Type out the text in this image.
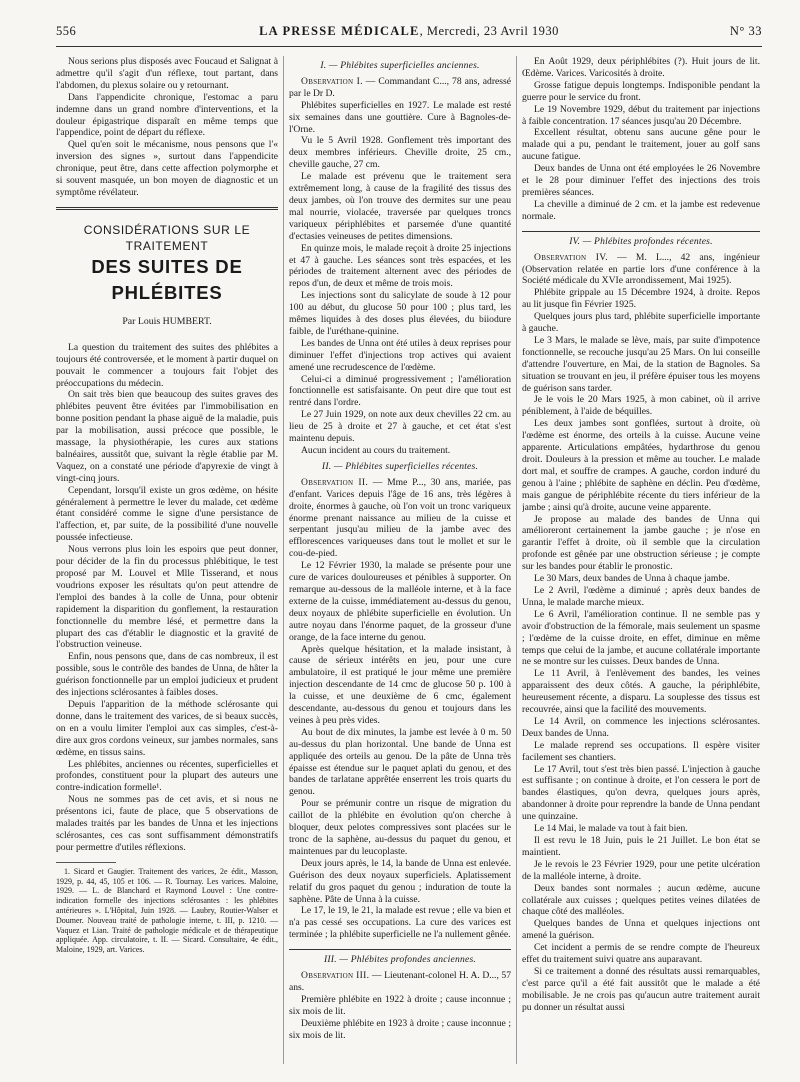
556	LA PRESSE MÉDICALE, Mercredi, 23 Avril 1930	N° 33

Nous serions plus disposés avec Foucaud et Salignat à admettre qu'il s'agit d'un réflexe, tout partant, dans l'abdomen, du plexus solaire ou y retournant.

Dans l'appendicite chronique, l'estomac a paru indemne dans un grand nombre d'interventions, et la douleur épigastrique disparaît en même temps que l'appendice, point de départ du réflexe.

Quel qu'en soit le mécanisme, nous pensons que l'« inversion des signes », surtout dans l'appendicite chronique, peut être, dans cette affection polymorphe et si souvent masquée, un bon moyen de diagnostic et un symptôme révélateur.

CONSIDÉRATIONS SUR LE TRAITEMENT
DES SUITES DE PHLÉBITES

Par Louis HUMBERT.

La question du traitement des suites des phlébites a toujours été controversée, et le moment à partir duquel on pouvait le commencer a toujours fait l'objet des préoccupations du médecin.

On sait très bien que beaucoup des suites graves des phlébites peuvent être évitées par l'immobilisation en bonne position pendant la phase aiguë de la maladie, puis par la mobilisation, aussi précoce que possible, le massage, la physiothérapie, les cures aux stations balnéaires, aussitôt que, suivant la règle établie par M. Vaquez, on a constaté une période d'apyrexie de vingt à vingt-cinq jours.

Cependant, lorsqu'il existe un gros œdème, on hésite généralement à permettre le lever du malade, cet œdème étant considéré comme le signe d'une persistance de l'affection, et, par suite, de la possibilité d'une nouvelle poussée infectieuse.

Nous verrons plus loin les espoirs que peut donner, pour décider de la fin du processus phlébitique, le test proposé par M. Louvel et Mlle Tisserand, et nous voudrions exposer les résultats qu'on peut attendre de l'emploi des bandes à la colle de Unna, pour obtenir rapidement la disparition du gonflement, la restauration fonctionnelle du membre lésé, et permettre dans la plupart des cas d'établir le diagnostic et la gravité de l'obstruction veineuse.

Enfin, nous pensons que, dans de cas nombreux, il est possible, sous le contrôle des bandes de Unna, de hâter la guérison fonctionnelle par un emploi judicieux et prudent des injections sclérosantes à faibles doses.

Depuis l'apparition de la méthode sclérosante qui donne, dans le traitement des varices, de si beaux succès, on en a voulu limiter l'emploi aux cas simples, c'est-à-dire aux gros cordons veineux, sur jambes normales, sans œdème, en tissus sains.

Les phlébites, anciennes ou récentes, superficielles et profondes, constituent pour la plupart des auteurs une contre-indication formelle¹.

Nous ne sommes pas de cet avis, et si nous ne présentons ici, faute de place, que 5 observations de malades traités par les bandes de Unna et les injections sclérosantes, ces cas sont suffisamment démonstratifs pour permettre d'utiles réflexions.

1. Sicard et Gaugier. Traitement des varices, 2e édit., Masson, 1929, p. 44, 45, 105 et 106. — R. Tournay. Les varices. Maloine, 1929. — L. de Blanchard et Raymond Louvel : Une contre-indication formelle des injections sclérosantes : les phlébites antérieures ». L'Hôpital, Juin 1928. — Laubry, Routier-Walser et Doumer. Nouveau traité de pathologie interne, t. III, p. 1210. — Vaquez et Lian. Traité de pathologie médicale et de thérapeutique appliquée. App. circulatoire, t. II. — Sicard. Consultaire, 4e édit., Maloine, 1929, art. Varices.

I. — Phlébites superficielles anciennes.

Observation I. — Commandant C..., 78 ans, adressé par le Dr D.

Phlébites superficielles en 1927. Le malade est resté six semaines dans une gouttière. Cure à Bagnoles-de-l'Orne.

Vu le 5 Avril 1928. Gonflement très important des deux membres inférieurs. Cheville droite, 25 cm., cheville gauche, 27 cm.

Le malade est prévenu que le traitement sera extrêmement long, à cause de la fragilité des tissus des deux jambes, où l'on trouve des dermites sur une peau mal nourrie, violacée, traversée par quelques troncs variqueux périphlébites et parsemée d'une quantité d'ectasies veineuses de petites dimensions.

En quinze mois, le malade reçoit à droite 25 injections et 47 à gauche. Les séances sont très espacées, et les périodes de traitement alternent avec des périodes de repos d'un, de deux et même de trois mois.

Les injections sont du salicylate de soude à 12 pour 100 au début, du glucose 50 pour 100 ; plus tard, les mêmes liquides à des doses plus élevées, du biiodure faible, de l'uréthane-quinine.

Les bandes de Unna ont été utiles à deux reprises pour diminuer l'effet d'injections trop actives qui avaient amené une recrudescence de l'œdème.

Celui-ci a diminué progressivement ; l'amélioration fonctionnelle est satisfaisante. On peut dire que tout est rentré dans l'ordre.

Le 27 Juin 1929, on note aux deux chevilles 22 cm. au lieu de 25 à droite et 27 à gauche, et cet état s'est maintenu depuis.

Aucun incident au cours du traitement.

II. — Phlébites superficielles récentes.

Observation II. — Mme P..., 30 ans, mariée, pas d'enfant. Varices depuis l'âge de 16 ans, très légères à droite, énormes à gauche, où l'on voit un tronc variqueux énorme prenant naissance au milieu de la cuisse et serpentant jusqu'au milieu de la jambe avec des efflorescences variqueuses dans tout le mollet et sur le cou-de-pied.

Le 12 Février 1930, la malade se présente pour une cure de varices douloureuses et pénibles à supporter. On remarque au-dessous de la malléole interne, et à la face externe de la cuisse, immédiatement au-dessus du genou, deux noyaux de phlébite superficielle en évolution. Un autre noyau dans l'énorme paquet, de la grosseur d'une orange, de la face interne du genou.

Après quelque hésitation, et la malade insistant, à cause de sérieux intérêts en jeu, pour une cure ambulatoire, il est pratiqué le jour même une première injection descendante de 14 cmc de glucose 50 p. 100 à la cuisse, et une deuxième de 6 cmc, également descendante, au-dessous du genou et toujours dans les veines à peu près vides.

Au bout de dix minutes, la jambe est levée à 0 m. 50 au-dessus du plan horizontal. Une bande de Unna est appliquée des orteils au genou. De la pâte de Unna très épaisse est étendue sur le paquet aplati du genou, et des bandes de tarlatane apprêtée enserrent les trois quarts du genou.

Pour se prémunir contre un risque de migration du caillot de la phlébite en évolution qu'on cherche à bloquer, deux pelotes compressives sont placées sur le tronc de la saphène, au-dessus du paquet du genou, et maintenues par du leucoplaste.

Deux jours après, le 14, la bande de Unna est enlevée. Guérison des deux noyaux superficiels. Aplatissement relatif du gros paquet du genou ; induration de toute la saphène. Pâte de Unna à la cuisse.

Le 17, le 19, le 21, la malade est revue ; elle va bien et n'a pas cessé ses occupations. La cure des varices est terminée ; la phlébite superficielle ne l'a nullement gênée.

III. — Phlébites profondes anciennes.

Observation III. — Lieutenant-colonel H. A. D..., 57 ans.

Première phlébite en 1922 à droite ; cause inconnue ; six mois de lit.

Deuxième phlébite en 1923 à droite ; cause inconnue ; six mois de lit.

En Août 1929, deux périphlébites (?). Huit jours de lit. Œdème. Varices. Varicosités à droite.

Grosse fatigue depuis longtemps. Indisponible pendant la guerre pour le service du front.

Le 19 Novembre 1929, début du traitement par injections à faible concentration. 17 séances jusqu'au 20 Décembre.

Excellent résultat, obtenu sans aucune gêne pour le malade qui a pu, pendant le traitement, jouer au golf sans aucune fatigue.

Deux bandes de Unna ont été employées le 26 Novembre et le 28 pour diminuer l'effet des injections des trois premières séances.

La cheville a diminué de 2 cm. et la jambe est redevenue normale.

IV. — Phlébites profondes récentes.

Observation IV. — M. L..., 42 ans, ingénieur (Observation relatée en partie lors d'une conférence à la Société médicale du XVIe arrondissement, Mai 1925).

Phlébite grippale au 15 Décembre 1924, à droite. Repos au lit jusque fin Février 1925.

Quelques jours plus tard, phlébite superficielle importante à gauche.

Le 3 Mars, le malade se lève, mais, par suite d'impotence fonctionnelle, se recouche jusqu'au 25 Mars. On lui conseille d'attendre l'ouverture, en Mai, de la station de Bagnoles. Sa situation se trouvant en jeu, il préfère épuiser tous les moyens de guérison sans tarder.

Je le vois le 20 Mars 1925, à mon cabinet, où il arrive péniblement, à l'aide de béquilles.

Les deux jambes sont gonflées, surtout à droite, où l'œdème est énorme, des orteils à la cuisse. Aucune veine apparente. Articulations empâtées, hydarthrose du genou droit. Douleurs à la pression et même au toucher. Le malade dort mal, et souffre de crampes. A gauche, cordon induré du genou à l'aine ; phlébite de saphène en déclin. Peu d'œdème, mais gangue de périphlébite récente du tiers inférieur de la jambe ; ainsi qu'à droite, aucune veine apparente.

Je propose au malade des bandes de Unna qui amélioreront certainement la jambe gauche ; je n'ose en garantir l'effet à droite, où il semble que la circulation profonde est gênée par une obstruction sérieuse ; je compte sur les bandes pour établir le pronostic.

Le 30 Mars, deux bandes de Unna à chaque jambe.

Le 2 Avril, l'œdème a diminué ; après deux bandes de Unna, le malade marche mieux.

Le 6 Avril, l'amélioration continue. Il ne semble pas y avoir d'obstruction de la fémorale, mais seulement un spasme ; l'œdème de la cuisse droite, en effet, diminue en même temps que celui de la jambe, et aucune collatérale importante ne se montre sur les cuisses. Deux bandes de Unna.

Le 11 Avril, à l'enlèvement des bandes, les veines apparaissent des deux côtés. A gauche, la périphlébite, heureusement récente, a disparu. La souplesse des tissus est recouvrée, ainsi que la facilité des mouvements.

Le 14 Avril, on commence les injections sclérosantes. Deux bandes de Unna.

Le malade reprend ses occupations. Il espère visiter facilement ses chantiers.

Le 17 Avril, tout s'est très bien passé. L'injection à gauche est suffisante ; on continue à droite, et l'on cessera le port de bandes élastiques, qu'on devra, quelques jours après, abandonner à droite pour reprendre la bande de Unna pendant une quinzaine.

Le 14 Mai, le malade va tout à fait bien.

Il est revu le 18 Juin, puis le 21 Juillet. Le bon état se maintient.

Je le revois le 23 Février 1929, pour une petite ulcération de la malléole interne, à droite.

Deux bandes sont normales ; aucun œdème, aucune collatérale aux cuisses ; quelques petites veines dilatées de chaque côté des malléoles.

Quelques bandes de Unna et quelques injections ont amené la guérison.

Cet incident a permis de se rendre compte de l'heureux effet du traitement suivi quatre ans auparavant.

Si ce traitement a donné des résultats aussi remarquables, c'est parce qu'il a été fait aussitôt que le malade a été mobilisable. Je ne crois pas qu'aucun autre traitement aurait pu donner un résultat aussi
